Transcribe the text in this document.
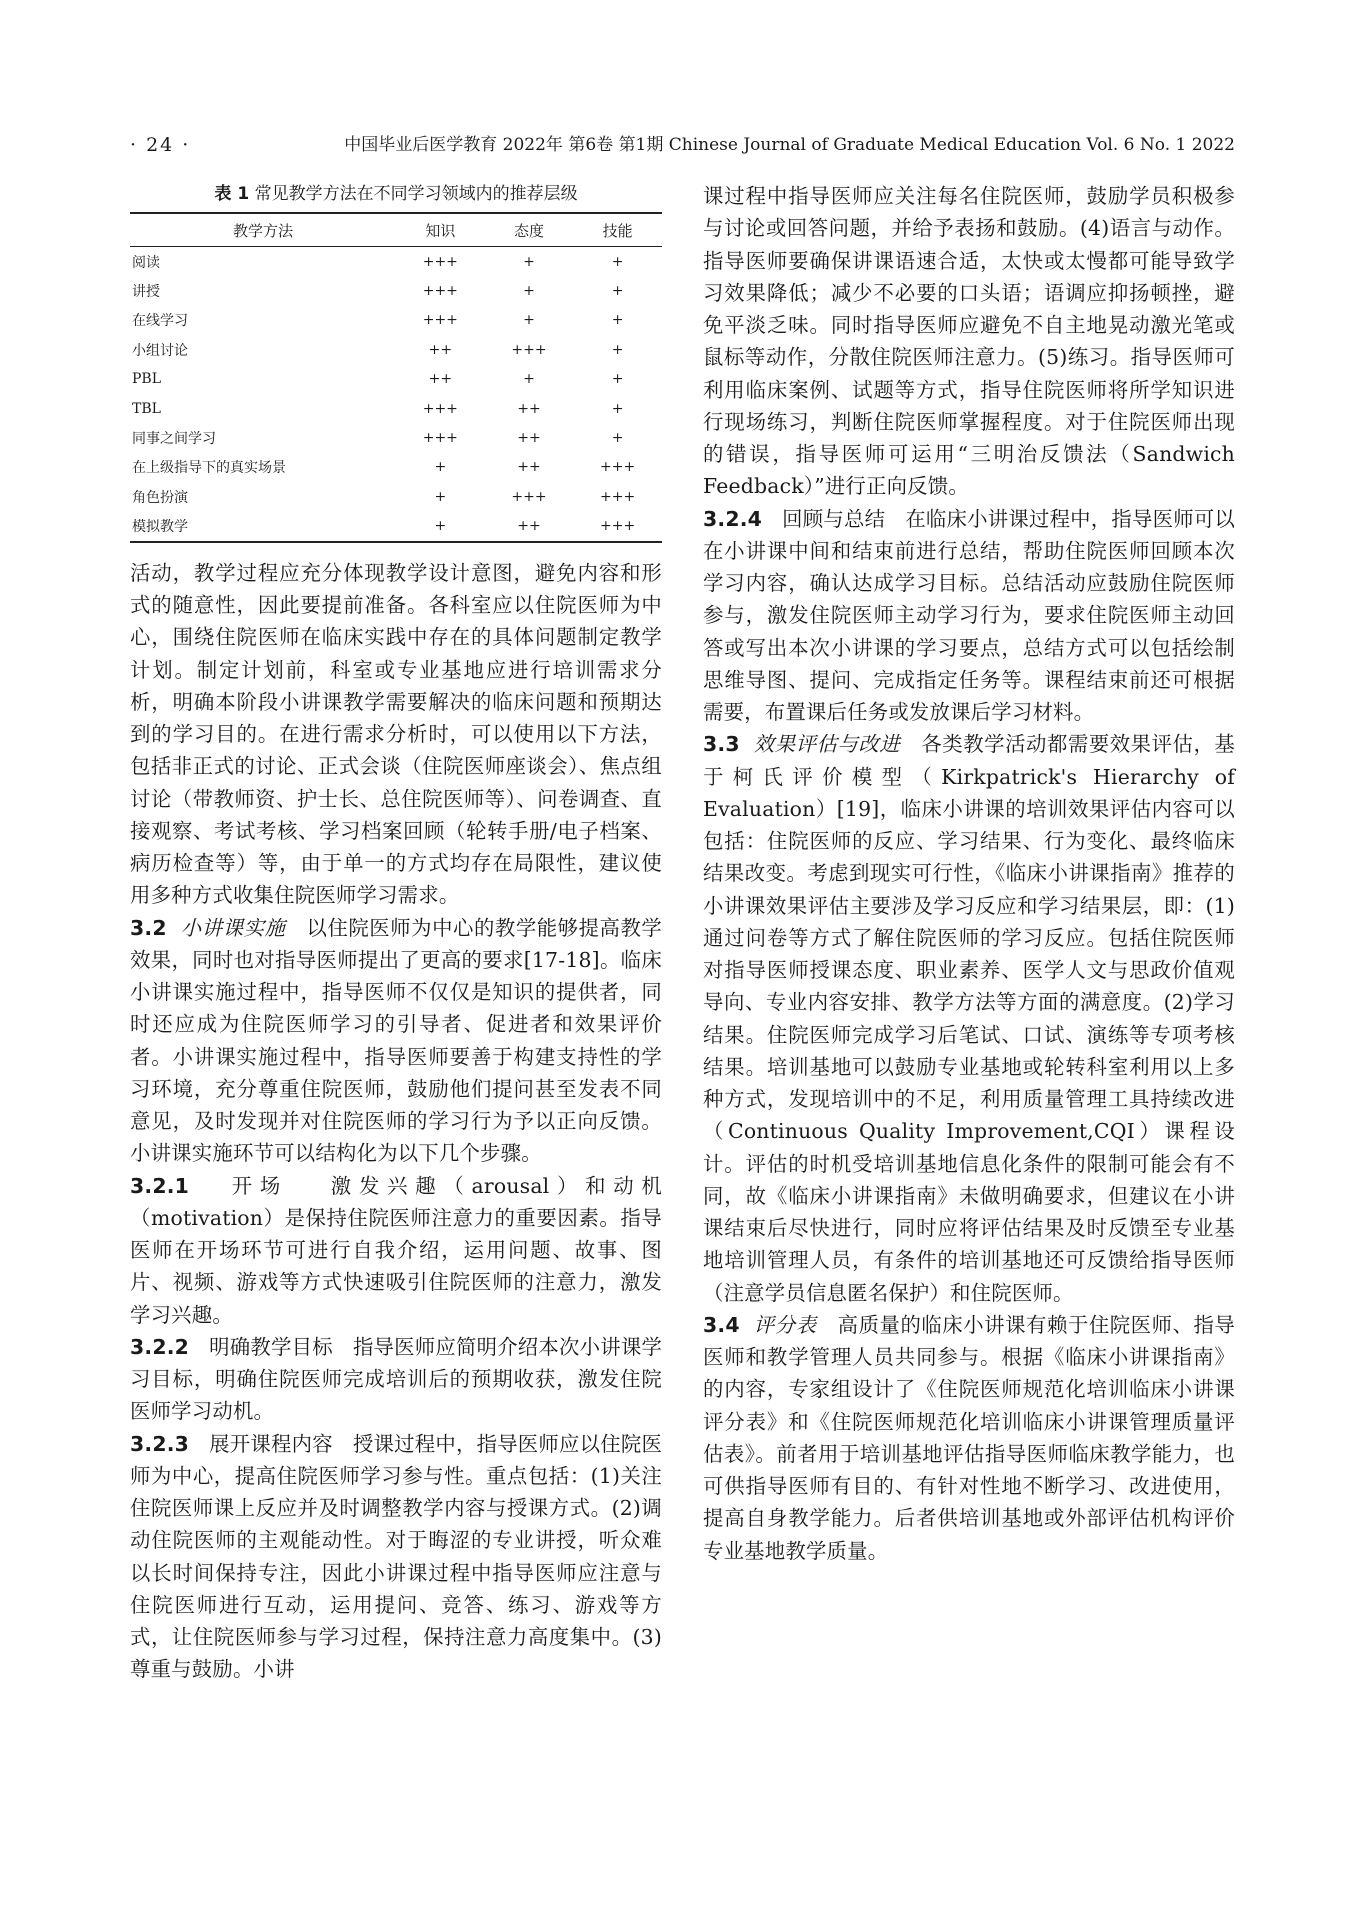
· 24 ·	中国毕业后医学教育 2022年 第6卷 第1期 Chinese Journal of Graduate Medical Education Vol. 6 No. 1 2022
表 1 常见教学方法在不同学习领域内的推荐层级
教学方法	知识	态度	技能
阅读	+++	+	+
讲授	+++	+	+
在线学习	+++	+	+
小组讨论	++	+++	+
PBL	++	+	+
TBL	+++	++	+
同事之间学习	+++	++	+
在上级指导下的真实场景	+	++	+++
角色扮演	+	+++	+++
模拟教学	+	++	+++

活动，教学过程应充分体现教学设计意图，避免内容和形式的随意性，因此要提前准备。各科室应以住院医师为中心，围绕住院医师在临床实践中存在的具体问题制定教学计划。制定计划前，科室或专业基地应进行培训需求分析，明确本阶段小讲课教学需要解决的临床问题和预期达到的学习目的。在进行需求分析时，可以使用以下方法，包括非正式的讨论、正式会谈（住院医师座谈会）、焦点组讨论（带教师资、护士长、总住院医师等）、问卷调查、直接观察、考试考核、学习档案回顾（轮转手册/电子档案、病历检查等）等，由于单一的方式均存在局限性，建议使用多种方式收集住院医师学习需求。

3.2 小讲课实施 以住院医师为中心的教学能够提高教学效果，同时也对指导医师提出了更高的要求[17-18]。临床小讲课实施过程中，指导医师不仅仅是知识的提供者，同时还应成为住院医师学习的引导者、促进者和效果评价者。小讲课实施过程中，指导医师要善于构建支持性的学习环境，充分尊重住院医师，鼓励他们提问甚至发表不同意见，及时发现并对住院医师的学习行为予以正向反馈。小讲课实施环节可以结构化为以下几个步骤。

3.2.1 开场 激发兴趣（arousal）和动机（motivation）是保持住院医师注意力的重要因素。指导医师在开场环节可进行自我介绍，运用问题、故事、图片、视频、游戏等方式快速吸引住院医师的注意力，激发学习兴趣。

3.2.2 明确教学目标 指导医师应简明介绍本次小讲课学习目标，明确住院医师完成培训后的预期收获，激发住院医师学习动机。

3.2.3 展开课程内容 授课过程中，指导医师应以住院医师为中心，提高住院医师学习参与性。重点包括：(1)关注住院医师课上反应并及时调整教学内容与授课方式。(2)调动住院医师的主观能动性。对于晦涩的专业讲授，听众难以长时间保持专注，因此小讲课过程中指导医师应注意与住院医师进行互动，运用提问、竞答、练习、游戏等方式，让住院医师参与学习过程，保持注意力高度集中。(3)尊重与鼓励。小讲

课过程中指导医师应关注每名住院医师，鼓励学员积极参与讨论或回答问题，并给予表扬和鼓励。(4)语言与动作。指导医师要确保讲课语速合适，太快或太慢都可能导致学习效果降低；减少不必要的口头语；语调应抑扬顿挫，避免平淡乏味。同时指导医师应避免不自主地晃动激光笔或鼠标等动作，分散住院医师注意力。(5)练习。指导医师可利用临床案例、试题等方式，指导住院医师将所学知识进行现场练习，判断住院医师掌握程度。对于住院医师出现的错误，指导医师可运用“三明治反馈法（Sandwich Feedback）”进行正向反馈。

3.2.4 回顾与总结 在临床小讲课过程中，指导医师可以在小讲课中间和结束前进行总结，帮助住院医师回顾本次学习内容，确认达成学习目标。总结活动应鼓励住院医师参与，激发住院医师主动学习行为，要求住院医师主动回答或写出本次小讲课的学习要点，总结方式可以包括绘制思维导图、提问、完成指定任务等。课程结束前还可根据需要，布置课后任务或发放课后学习材料。

3.3 效果评估与改进 各类教学活动都需要效果评估，基于柯氏评价模型（Kirkpatrick's Hierarchy of Evaluation）[19]，临床小讲课的培训效果评估内容可以包括：住院医师的反应、学习结果、行为变化、最终临床结果改变。考虑到现实可行性，《临床小讲课指南》推荐的小讲课效果评估主要涉及学习反应和学习结果层，即：(1)通过问卷等方式了解住院医师的学习反应。包括住院医师对指导医师授课态度、职业素养、医学人文与思政价值观导向、专业内容安排、教学方法等方面的满意度。(2)学习结果。住院医师完成学习后笔试、口试、演练等专项考核结果。培训基地可以鼓励专业基地或轮转科室利用以上多种方式，发现培训中的不足，利用质量管理工具持续改进（Continuous Quality Improvement,CQI）课程设计。评估的时机受培训基地信息化条件的限制可能会有不同，故《临床小讲课指南》未做明确要求，但建议在小讲课结束后尽快进行，同时应将评估结果及时反馈至专业基地培训管理人员，有条件的培训基地还可反馈给指导医师（注意学员信息匿名保护）和住院医师。

3.4 评分表 高质量的临床小讲课有赖于住院医师、指导医师和教学管理人员共同参与。根据《临床小讲课指南》的内容，专家组设计了《住院医师规范化培训临床小讲课评分表》和《住院医师规范化培训临床小讲课管理质量评估表》。前者用于培训基地评估指导医师临床教学能力，也可供指导医师有目的、有针对性地不断学习、改进使用，提高自身教学能力。后者供培训基地或外部评估机构评价专业基地教学质量。
